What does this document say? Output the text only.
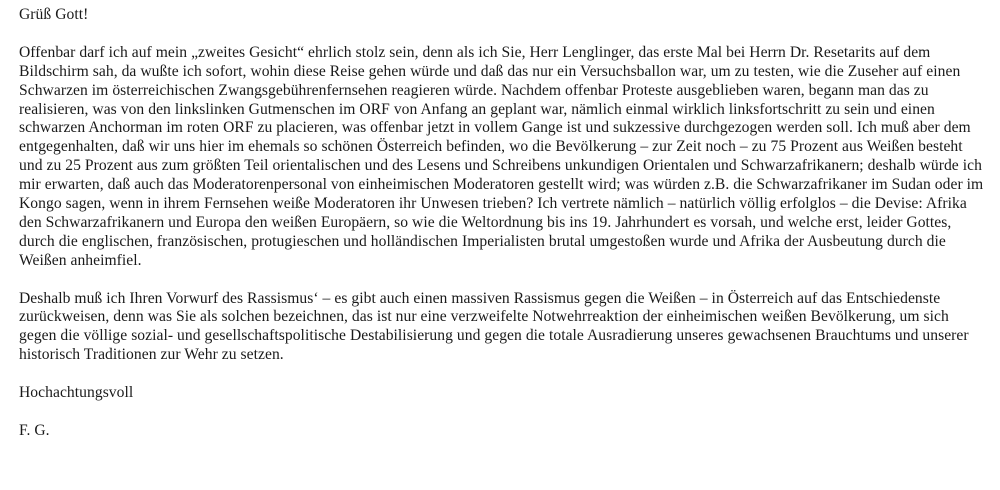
Grüß Gott!

Offenbar darf ich auf mein „zweites Gesicht“ ehrlich stolz sein, denn als ich Sie, Herr Lenglinger, das erste Mal bei Herrn Dr. Resetarits auf dem Bildschirm sah, da wußte ich sofort, wohin diese Reise gehen würde und daß das nur ein Versuchsballon war, um zu testen, wie die Zuseher auf einen Schwarzen im österreichischen Zwangsgebührenfernsehen reagieren würde. Nachdem offenbar Proteste ausgeblieben waren, begann man das zu realisieren, was von den linkslinken Gutmenschen im ORF von Anfang an geplant war, nämlich einmal wirklich linksfortschritt zu sein und einen schwarzen Anchorman im roten ORF zu placieren, was offenbar jetzt in vollem Gange ist und sukzessive durchgezogen werden soll. Ich muß aber dem entgegenhalten, daß wir uns hier im ehemals so schönen Österreich befinden, wo die Bevölkerung – zur Zeit noch – zu 75 Prozent aus Weißen besteht und zu 25 Prozent aus zum größten Teil orientalischen und des Lesens und Schreibens unkundigen Orientalen und Schwarzafrikanern; deshalb würde ich mir erwarten, daß auch das Moderatorenpersonal von einheimischen Moderatoren gestellt wird; was würden z.B. die Schwarzafrikaner im Sudan oder im Kongo sagen, wenn in ihrem Fernsehen weiße Moderatoren ihr Unwesen trieben? Ich vertrete nämlich – natürlich völlig erfolglos – die Devise: Afrika den Schwarzafrikanern und Europa den weißen Europäern, so wie die Weltordnung bis ins 19. Jahrhundert es vorsah, und welche erst, leider Gottes, durch die englischen, französischen, protugieschen und holländischen Imperialisten brutal umgestoßen wurde und Afrika der Ausbeutung durch die Weißen anheimfiel.

Deshalb muß ich Ihren Vorwurf des Rassismus‘ – es gibt auch einen massiven Rassismus gegen die Weißen – in Österreich auf das Entschiedenste zurückweisen, denn was Sie als solchen bezeichnen, das ist nur eine verzweifelte Notwehrreaktion der einheimischen weißen Bevölkerung, um sich gegen die völlige sozial- und gesellschaftspolitische Destabilisierung und gegen die totale Ausradierung unseres gewachsenen Brauchtums und unserer historisch Traditionen zur Wehr zu setzen.

Hochachtungsvoll

F. G.
